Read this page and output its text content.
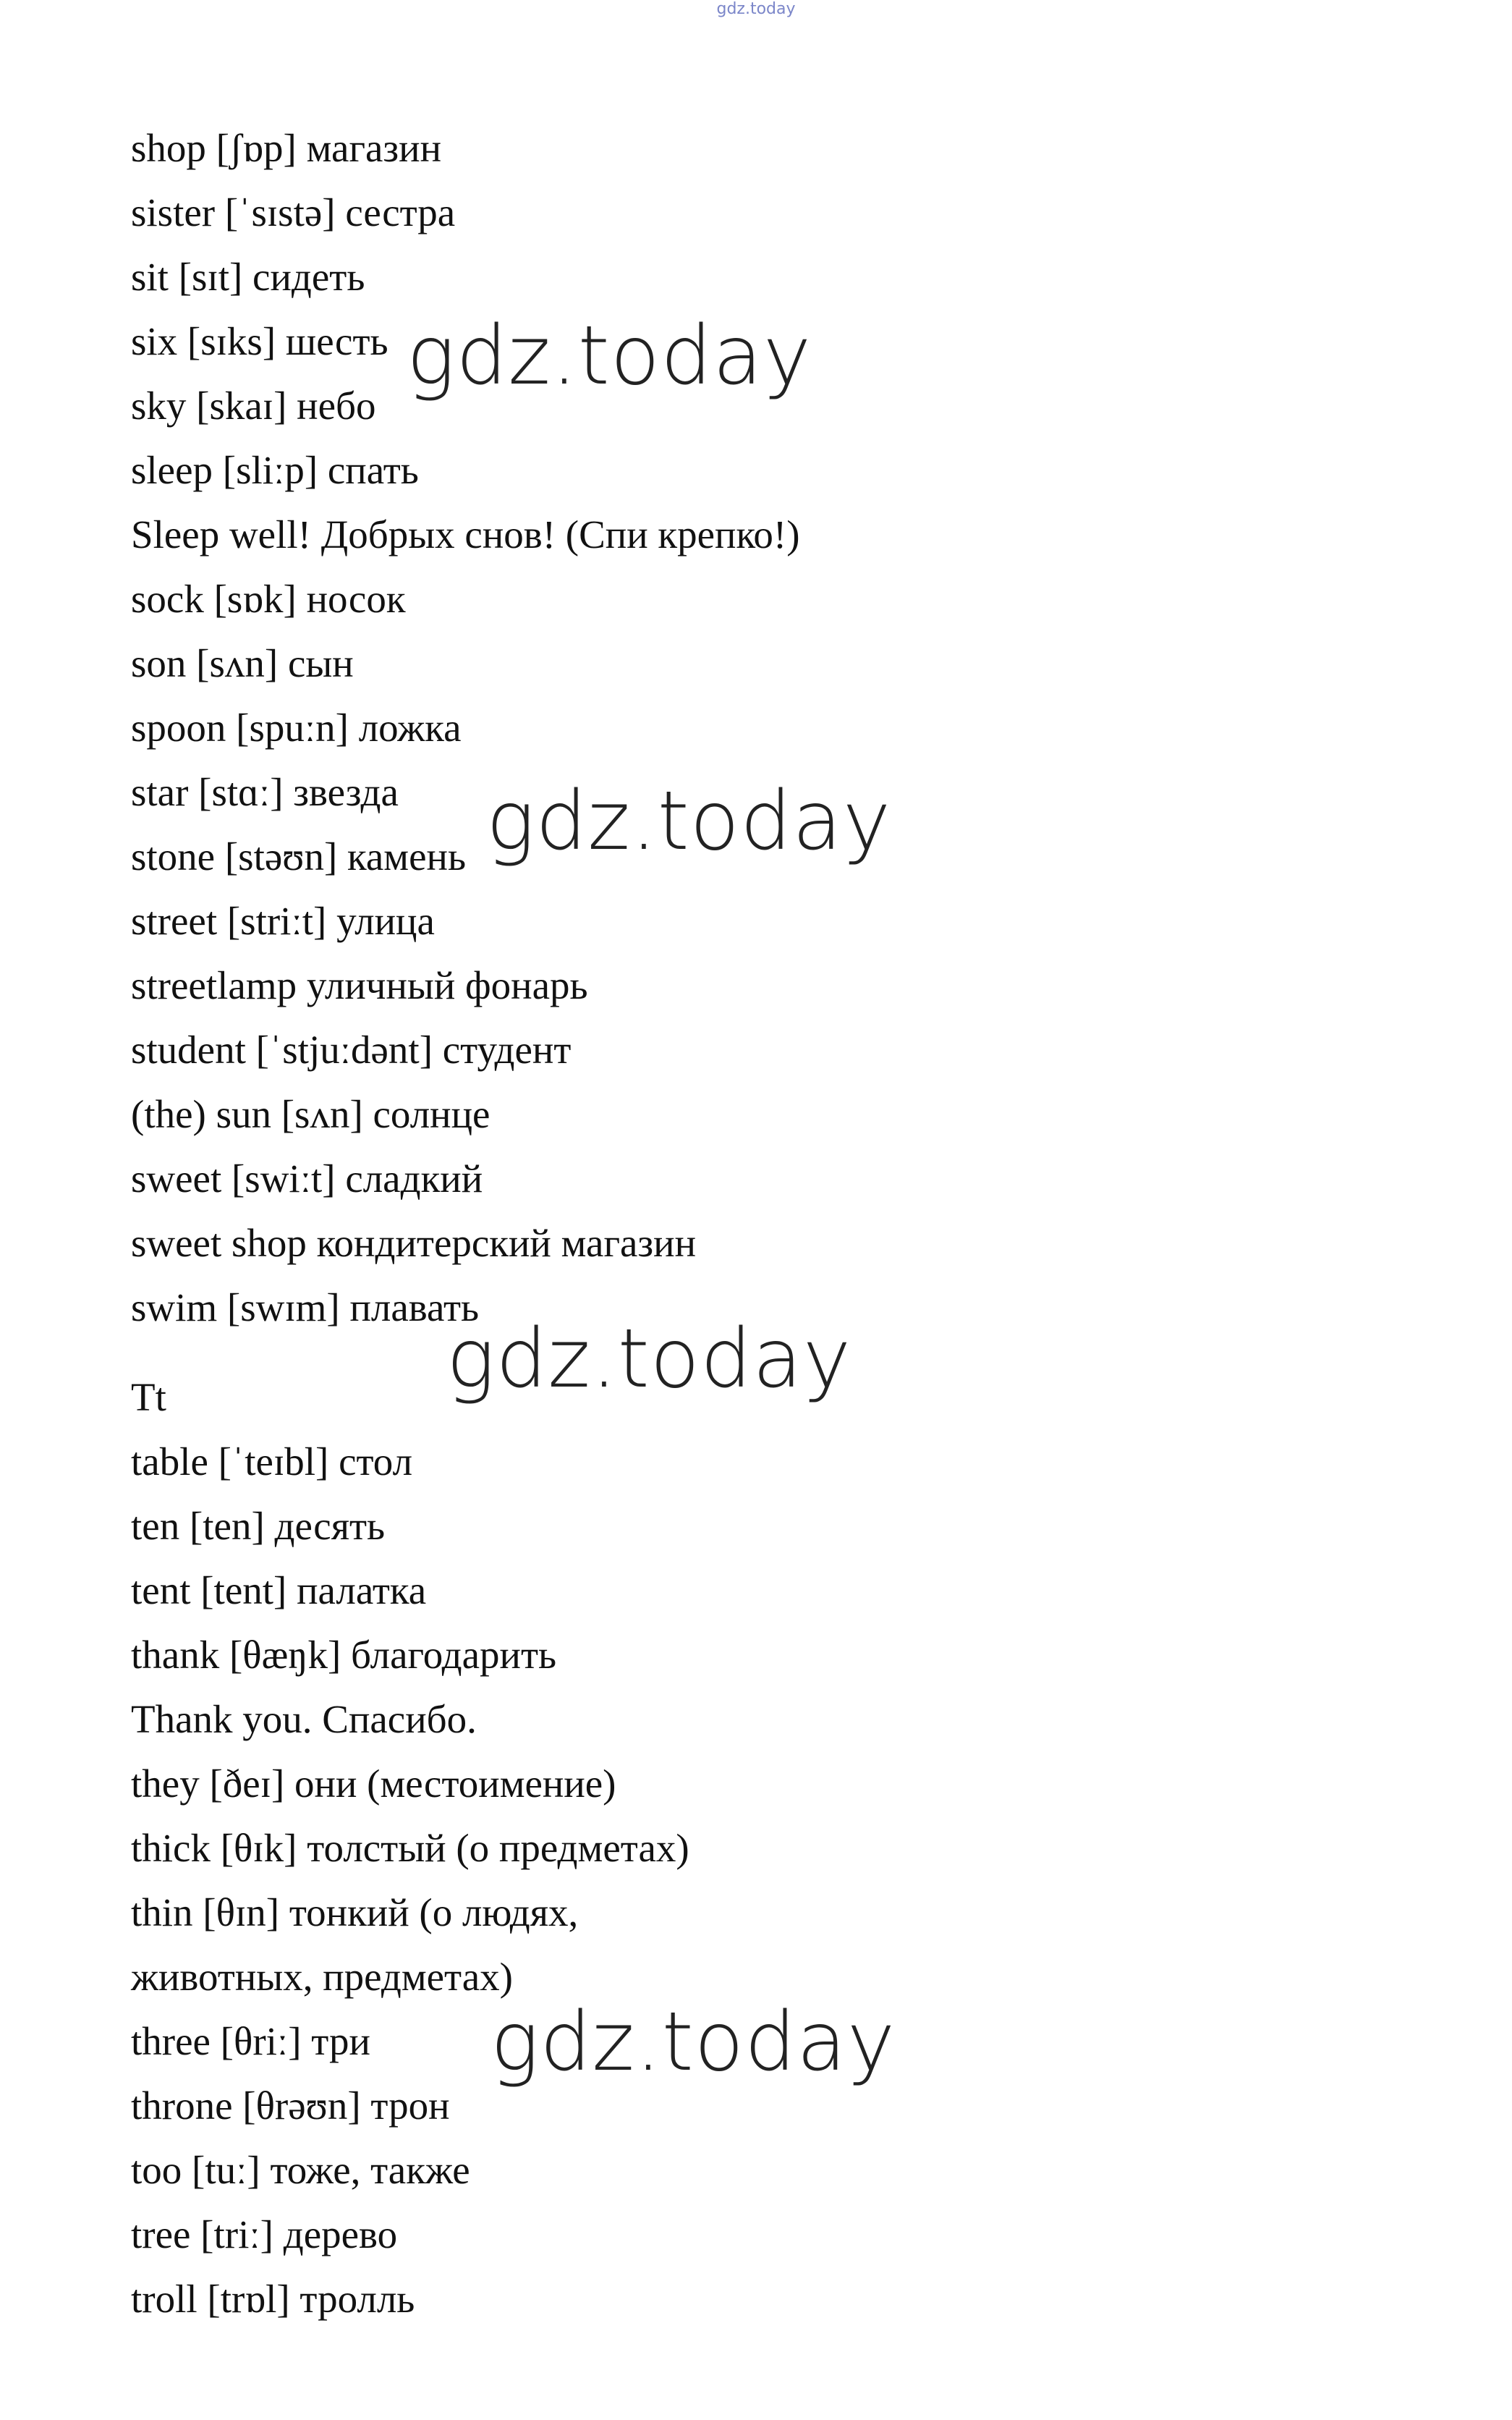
gdz.today
shop [ʃɒp] магазин
sister [ˈsɪstə] сестра
sit [sɪt] сидеть
six [sɪks] шесть
sky [skaɪ] небо
sleep [sliːp] спать
Sleep well! Добрых снов! (Спи крепко!)
sock [sɒk] носок
son [sʌn] сын
spoon [spuːn] ложка
star [stɑː] звезда
stone [stəʊn] камень
street [striːt] улица
streetlamp уличный фонарь
student [ˈstjuːdənt] студент
(the) sun [sʌn] солнце
sweet [swiːt] сладкий
sweet shop кондитерский магазин
swim [swɪm] плавать
Tt
table [ˈteɪbl] стол
ten [ten] десять
tent [tent] палатка
thank [θæŋk] благодарить
Thank you. Спасибо.
they [ðeɪ] они (местоимение)
thick [θɪk] толстый (о предметах)
thin [θɪn] тонкий (о людях,
животных, предметах)
three [θriː] три
throne [θrəʊn] трон
too [tuː] тоже, также
tree [triː] дерево
troll [trɒl] тролль
gdz.today
gdz.today
gdz.today
gdz.today
